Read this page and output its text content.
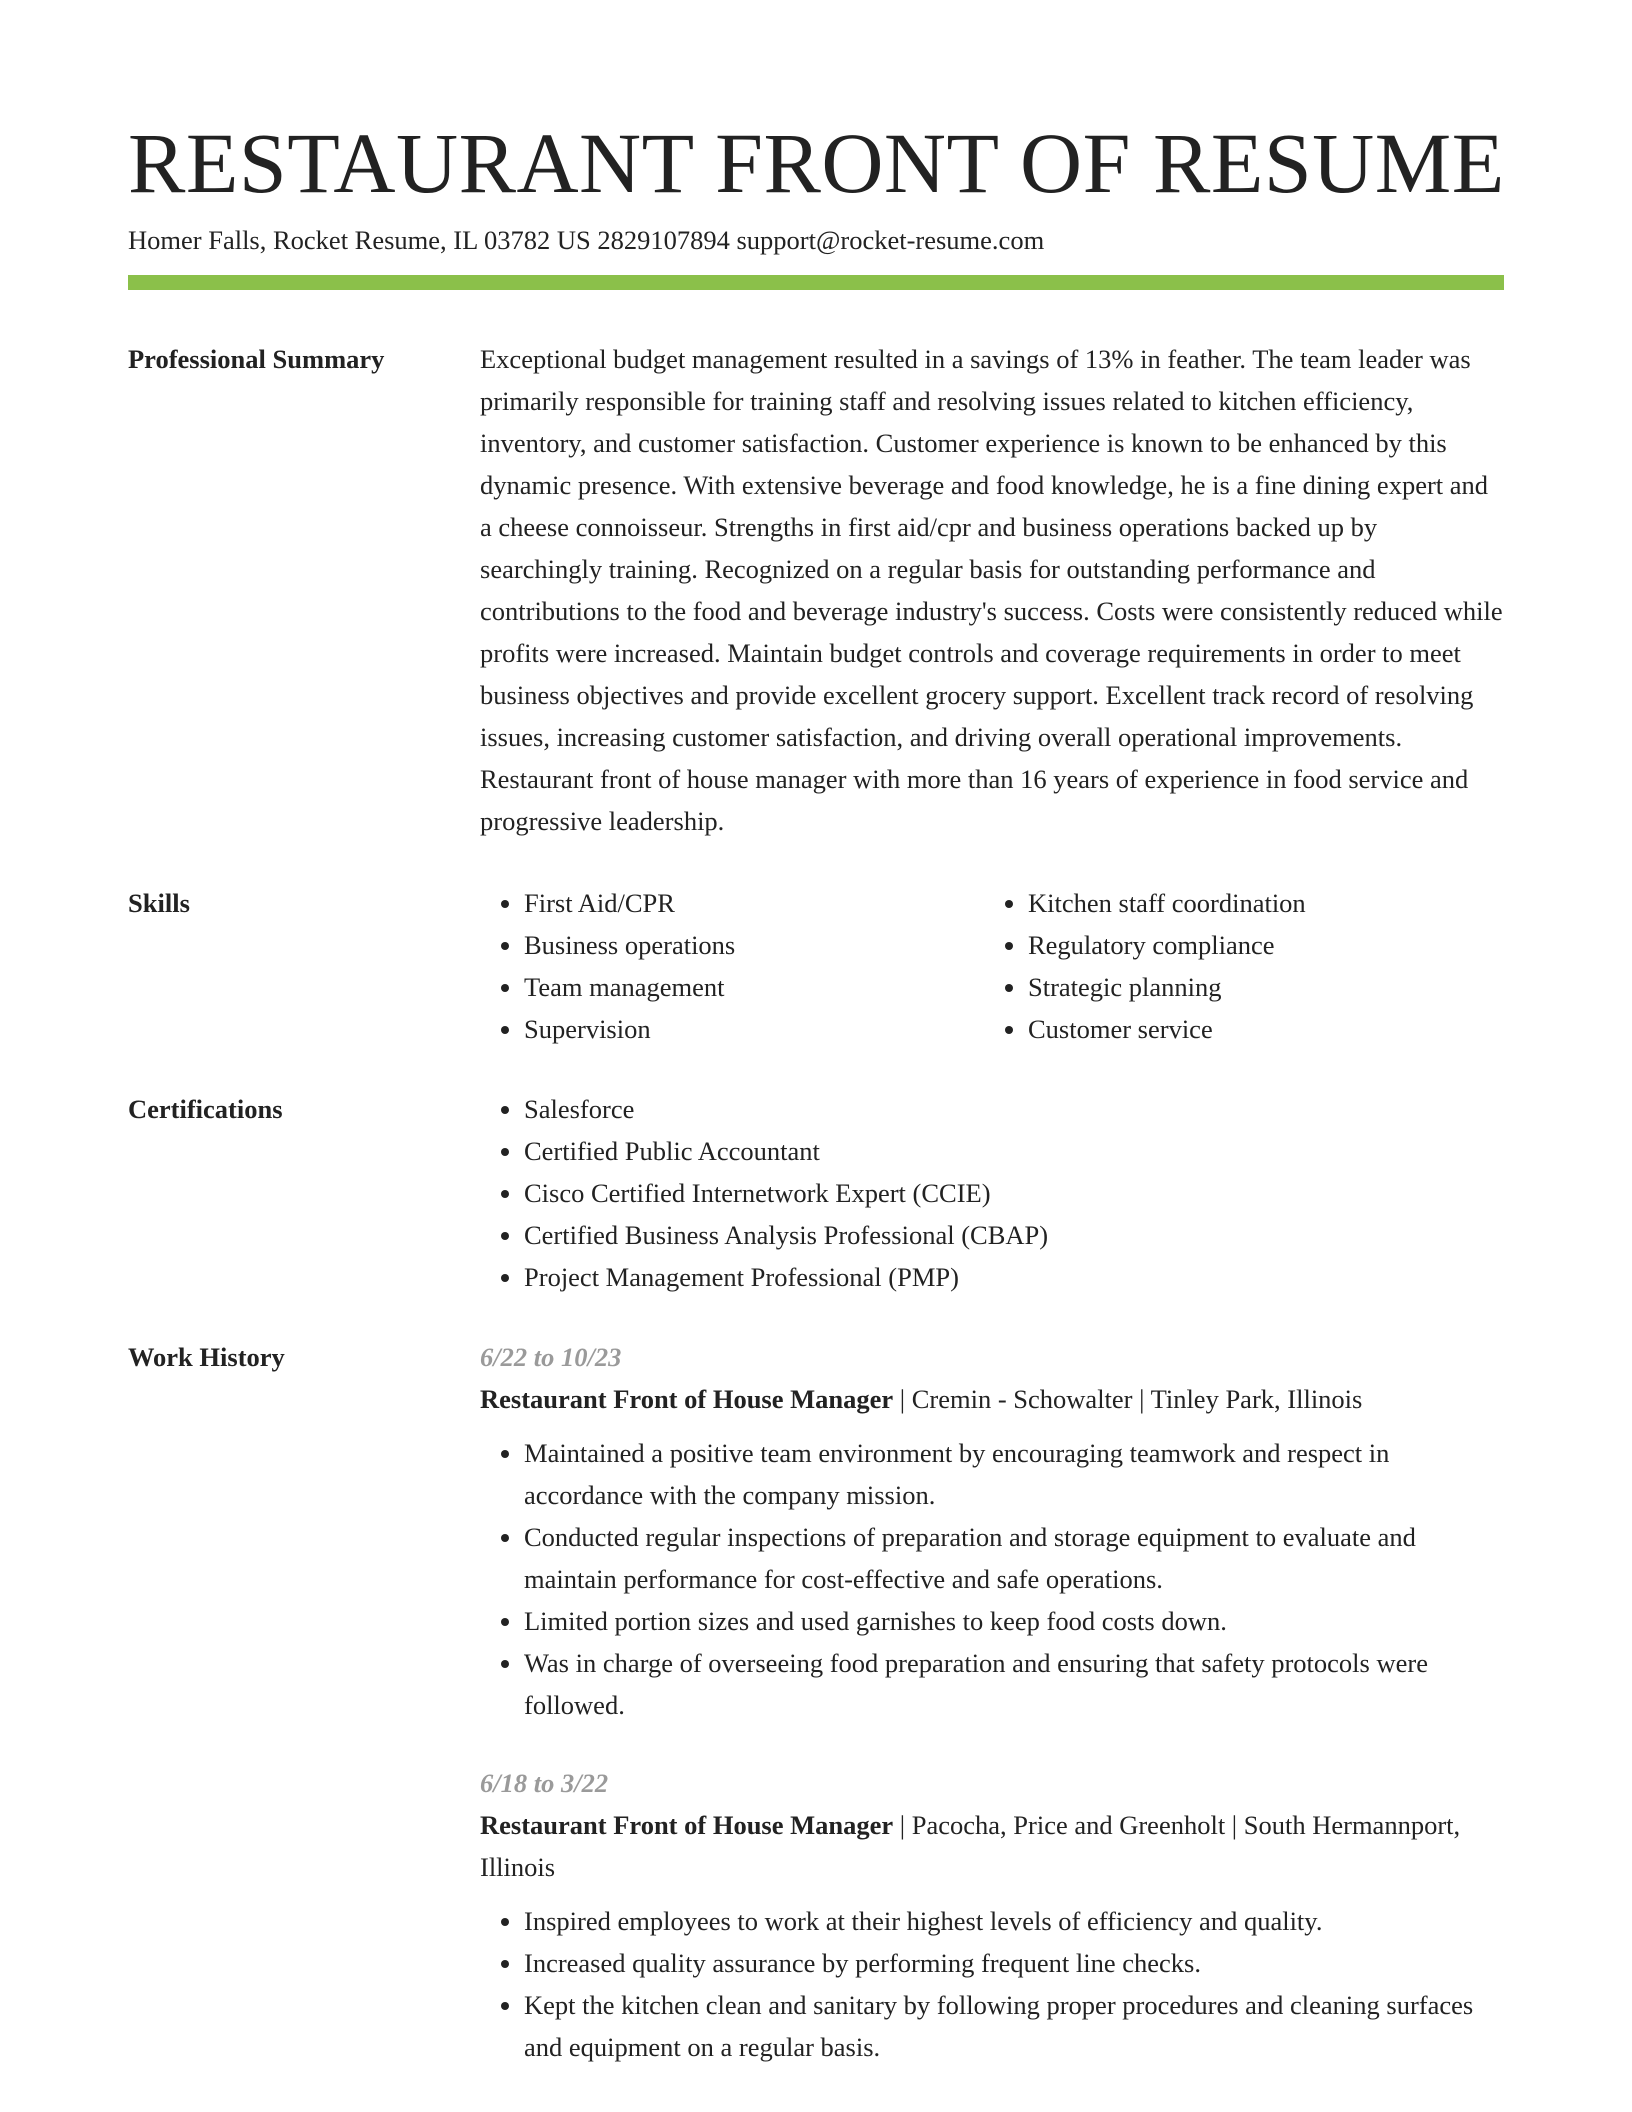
RESTAURANT FRONT OF RESUME
Homer Falls, Rocket Resume, IL 03782 US 2829107894 support@rocket-resume.com
Professional Summary	Exceptional budget management resulted in a savings of 13% in feather. The team leader was primarily responsible for training staff and resolving issues related to kitchen efficiency, inventory, and customer satisfaction. Customer experience is known to be enhanced by this dynamic presence. With extensive beverage and food knowledge, he is a fine dining expert and a cheese connoisseur. Strengths in first aid/cpr and business operations backed up by searchingly training. Recognized on a regular basis for outstanding performance and contributions to the food and beverage industry's success. Costs were consistently reduced while profits were increased. Maintain budget controls and coverage requirements in order to meet business objectives and provide excellent grocery support. Excellent track record of resolving issues, increasing customer satisfaction, and driving overall operational improvements. Restaurant front of house manager with more than 16 years of experience in food service and progressive leadership.

Skills	• First Aid/CPR
• Business operations
• Team management
• Supervision
• Kitchen staff coordination
• Regulatory compliance
• Strategic planning
• Customer service
Certifications	• Salesforce
• Certified Public Accountant
• Cisco Certified Internetwork Expert (CCIE)
• Certified Business Analysis Professional (CBAP)
• Project Management Professional (PMP)
Work History	6/22 to 10/23
Restaurant Front of House Manager | Cremin - Schowalter | Tinley Park, Illinois
• Maintained a positive team environment by encouraging teamwork and respect in accordance with the company mission.
• Conducted regular inspections of preparation and storage equipment to evaluate and maintain performance for cost-effective and safe operations.
• Limited portion sizes and used garnishes to keep food costs down.
• Was in charge of overseeing food preparation and ensuring that safety protocols were followed.
6/18 to 3/22
Restaurant Front of House Manager | Pacocha, Price and Greenholt | South Hermannport, Illinois
• Inspired employees to work at their highest levels of efficiency and quality.
• Increased quality assurance by performing frequent line checks.
• Kept the kitchen clean and sanitary by following proper procedures and cleaning surfaces and equipment on a regular basis.
